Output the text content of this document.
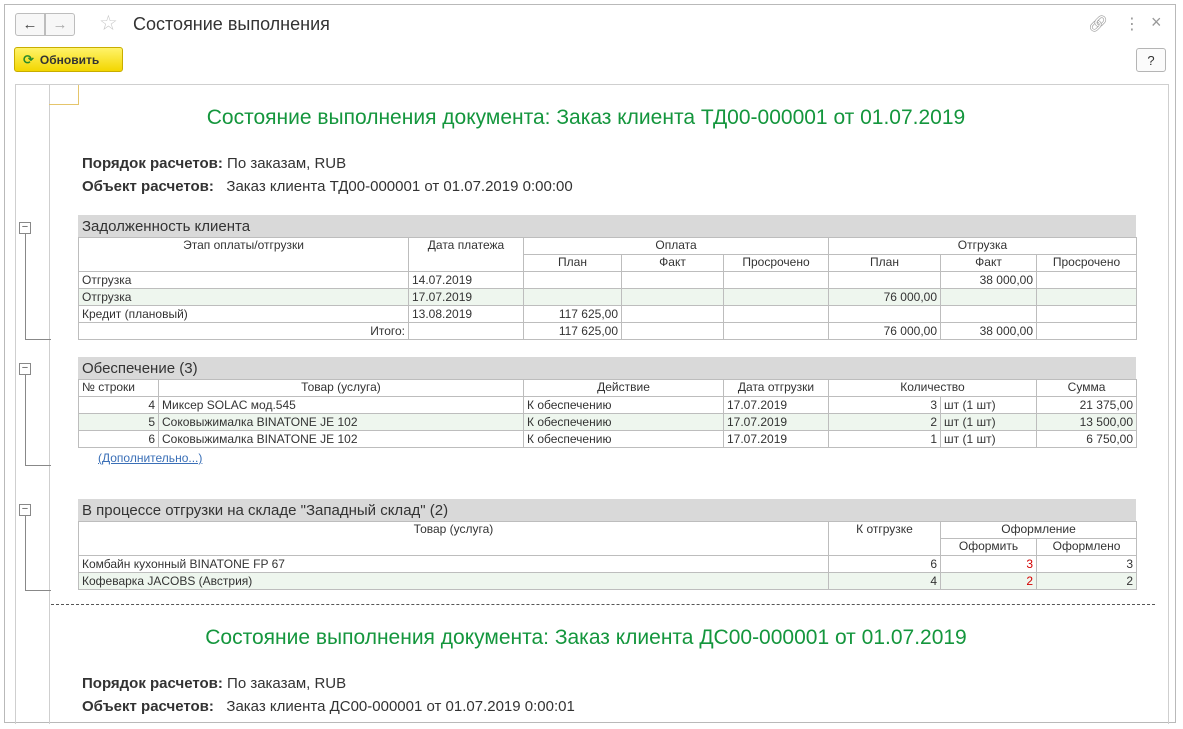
← → ☆ Состояние выполнения	🔗︎ ⋮ ×
⟳ Обновить	?
Состояние выполнения документа: Заказ клиента ТД00-000001 от 01.07.2019
Порядок расчетов: По заказам, RUB
Объект расчетов: Заказ клиента ТД00-000001 от 01.07.2019 0:00:00
−
−
−
Задолженность клиента
Этап оплаты/отгрузки	Дата платежа	Оплата			Отгрузка		
		План	Факт	Просрочено	План	Факт	Просрочено
Отгрузка	14.07.2019					38 000,00	
Отгрузка	17.07.2019				76 000,00		
Кредит (плановый)	13.08.2019	117 625,00					
Итого:		117 625,00			76 000,00	38 000,00	
Обеспечение (3)
№ строки	Товар (услуга)	Действие	Дата отгрузки	Количество		Сумма
4	Миксер SOLAC мод.545	К обеспечению	17.07.2019	3	шт (1 шт)	21 375,00
5	Соковыжималка BINATONE JE 102	К обеспечению	17.07.2019	2	шт (1 шт)	13 500,00
6	Соковыжималка BINATONE JE 102	К обеспечению	17.07.2019	1	шт (1 шт)	6 750,00
(Дополнительно...)
В процессе отгрузки на складе "Западный склад" (2)
Товар (услуга)	К отгрузке	Оформление	
		Оформить	Оформлено
Комбайн кухонный BINATONE FP 67	6	3	3
Кофеварка JACOBS (Австрия)	4	2	2
Состояние выполнения документа: Заказ клиента ДС00-000001 от 01.07.2019
Порядок расчетов: По заказам, RUB
Объект расчетов: Заказ клиента ДС00-000001 от 01.07.2019 0:00:01
